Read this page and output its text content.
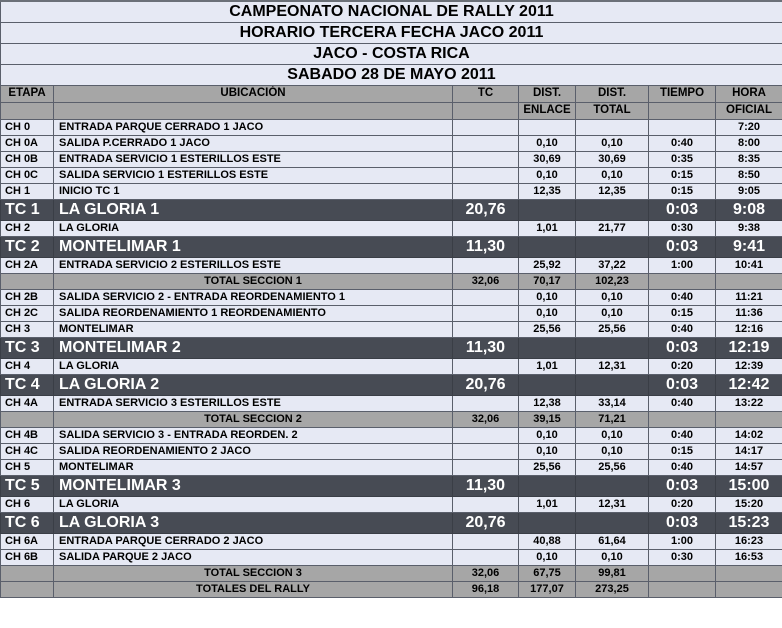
CAMPEONATO NACIONAL DE RALLY 2011						
HORARIO TERCERA FECHA JACO 2011						
JACO - COSTA RICA						
SABADO 28 DE MAYO 2011						
ETAPA	UBICACIÓN	TC	DIST.	DIST.	TIEMPO	HORA
			ENLACE	TOTAL		OFICIAL
CH 0	ENTRADA PARQUE CERRADO 1 JACO					7:20
CH 0A	SALIDA P.CERRADO 1 JACO		0,10	0,10	0:40	8:00
CH 0B	ENTRADA SERVICIO 1 ESTERILLOS ESTE		30,69	30,69	0:35	8:35
CH 0C	SALIDA SERVICIO 1 ESTERILLOS ESTE		0,10	0,10	0:15	8:50
CH 1	INICIO TC 1		12,35	12,35	0:15	9:05
TC 1	LA GLORIA 1	20,76			0:03	9:08
CH 2	LA GLORIA		1,01	21,77	0:30	9:38
TC 2	MONTELIMAR 1	11,30			0:03	9:41
CH 2A	ENTRADA SERVICIO 2 ESTERILLOS ESTE		25,92	37,22	1:00	10:41
	TOTAL SECCION 1	32,06	70,17	102,23		
CH 2B	SALIDA SERVICIO 2 - ENTRADA REORDENAMIENTO 1		0,10	0,10	0:40	11:21
CH 2C	SALIDA REORDENAMIENTO 1 REORDENAMIENTO		0,10	0,10	0:15	11:36
CH 3	MONTELIMAR		25,56	25,56	0:40	12:16
TC 3	MONTELIMAR 2	11,30			0:03	12:19
CH 4	LA GLORIA		1,01	12,31	0:20	12:39
TC 4	LA GLORIA 2	20,76			0:03	12:42
CH 4A	ENTRADA SERVICIO 3 ESTERILLOS ESTE		12,38	33,14	0:40	13:22
	TOTAL SECCION 2	32,06	39,15	71,21		
CH 4B	SALIDA SERVICIO 3 - ENTRADA REORDEN. 2		0,10	0,10	0:40	14:02
CH 4C	SALIDA REORDENAMIENTO 2 JACO		0,10	0,10	0:15	14:17
CH 5	MONTELIMAR		25,56	25,56	0:40	14:57
TC 5	MONTELIMAR 3	11,30			0:03	15:00
CH 6	LA GLORIA		1,01	12,31	0:20	15:20
TC 6	LA GLORIA 3	20,76			0:03	15:23
CH 6A	ENTRADA PARQUE CERRADO 2 JACO		40,88	61,64	1:00	16:23
CH 6B	SALIDA PARQUE 2 JACO		0,10	0,10	0:30	16:53
	TOTAL SECCION 3	32,06	67,75	99,81		
	TOTALES DEL RALLY	96,18	177,07	273,25		
